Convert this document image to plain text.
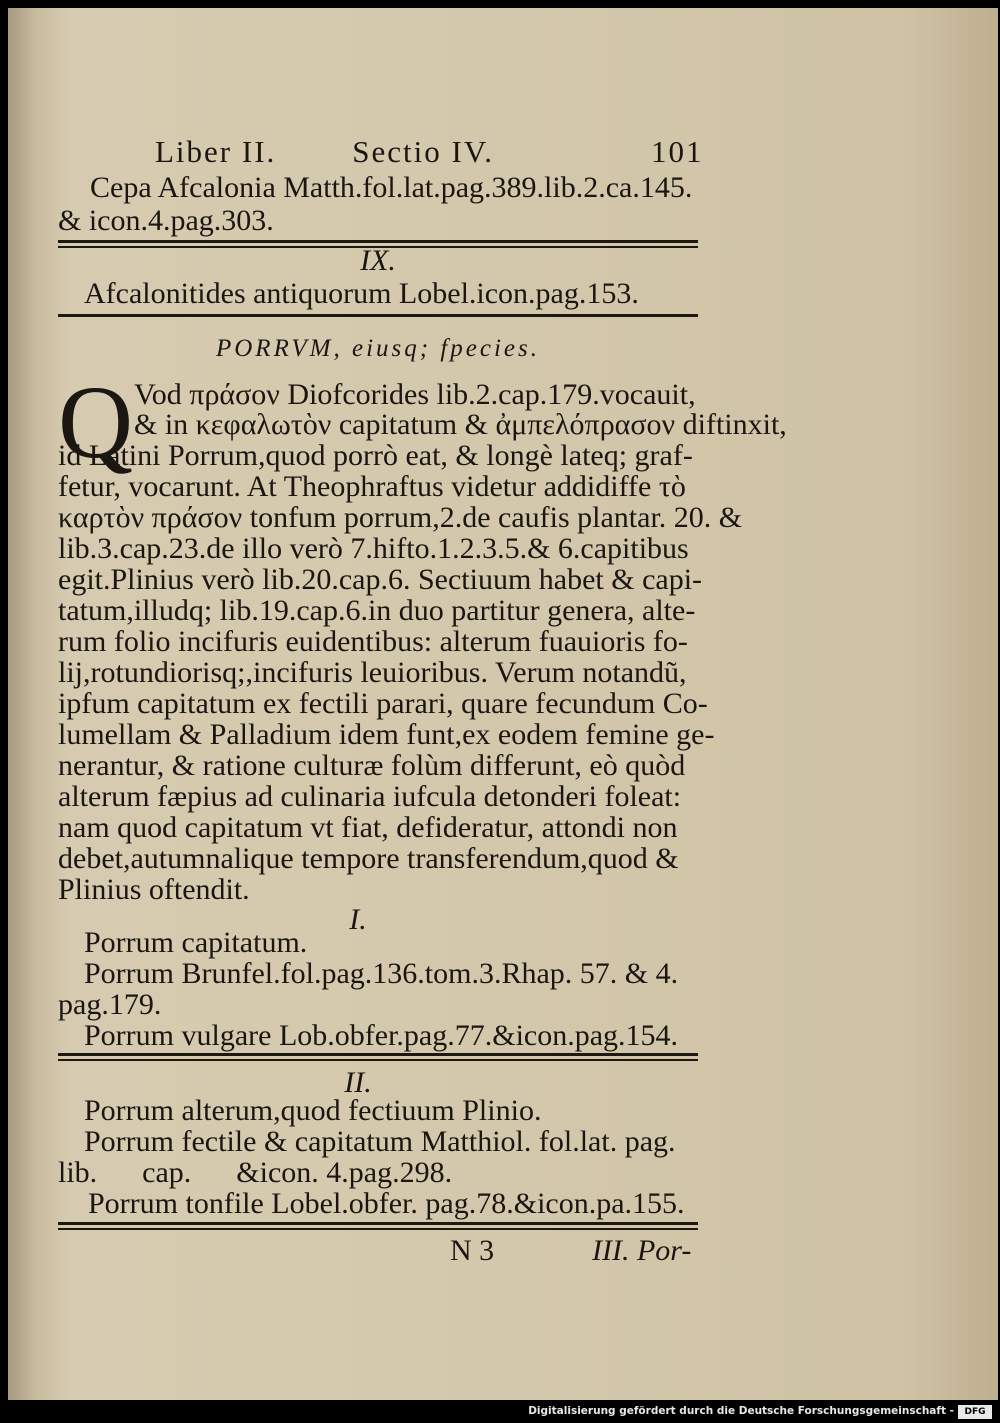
Liber II. Sectio IV.	101
Cepa Afcalonia Matth.fol.lat.pag.389.lib.2.ca.145.
& icon.4.pag.303.
IX.
Afcalonitides antiquorum Lobel.icon.pag.153.
PORRVM, eiusq; fpecies.
Q Vod πράσον Diofcorides lib.2.cap.179.vocauit,
& in κεφαλωτὸν capitatum & ἀμπελόπρασον diftinxit,
id Latini Porrum,quod porrò eat, & longè lateq; graf-
fetur, vocarunt. At Theophraftus videtur addidiffe τὸ
καρτὸν πράσον tonfum porrum,2.de caufis plantar. 20. &
lib.3.cap.23.de illo verò 7.hifto.1.2.3.5.& 6.capitibus
egit.Plinius verò lib.20.cap.6. Sectiuum habet & capi-
tatum,illudq; lib.19.cap.6.in duo partitur genera, alte-
rum folio incifuris euidentibus: alterum fuauioris fo-
lij,rotundiorisq;,incifuris leuioribus. Verum notandũ,
ipfum capitatum ex fectili parari, quare fecundum Co-
lumellam & Palladium idem funt,ex eodem femine ge-
nerantur, & ratione culturæ folùm differunt, eò quòd
alterum fæpius ad culinaria iufcula detonderi foleat:
nam quod capitatum vt fiat, defideratur, attondi non
debet,autumnalique tempore transferendum,quod &
Plinius oftendit.
I.
Porrum capitatum.
Porrum Brunfel.fol.pag.136.tom.3.Rhap. 57. & 4.
pag.179.
Porrum vulgare Lob.obfer.pag.77.&icon.pag.154.
II.
Porrum alterum,quod fectiuum Plinio.
Porrum fectile & capitatum Matthiol. fol.lat. pag.
lib.      cap.      &icon. 4.pag.298.
Porrum tonfile Lobel.obfer. pag.78.&icon.pa.155.
N 3	III. Por-
Digitalisierung gefördert durch die Deutsche Forschungsgemeinschaft -	DFG
